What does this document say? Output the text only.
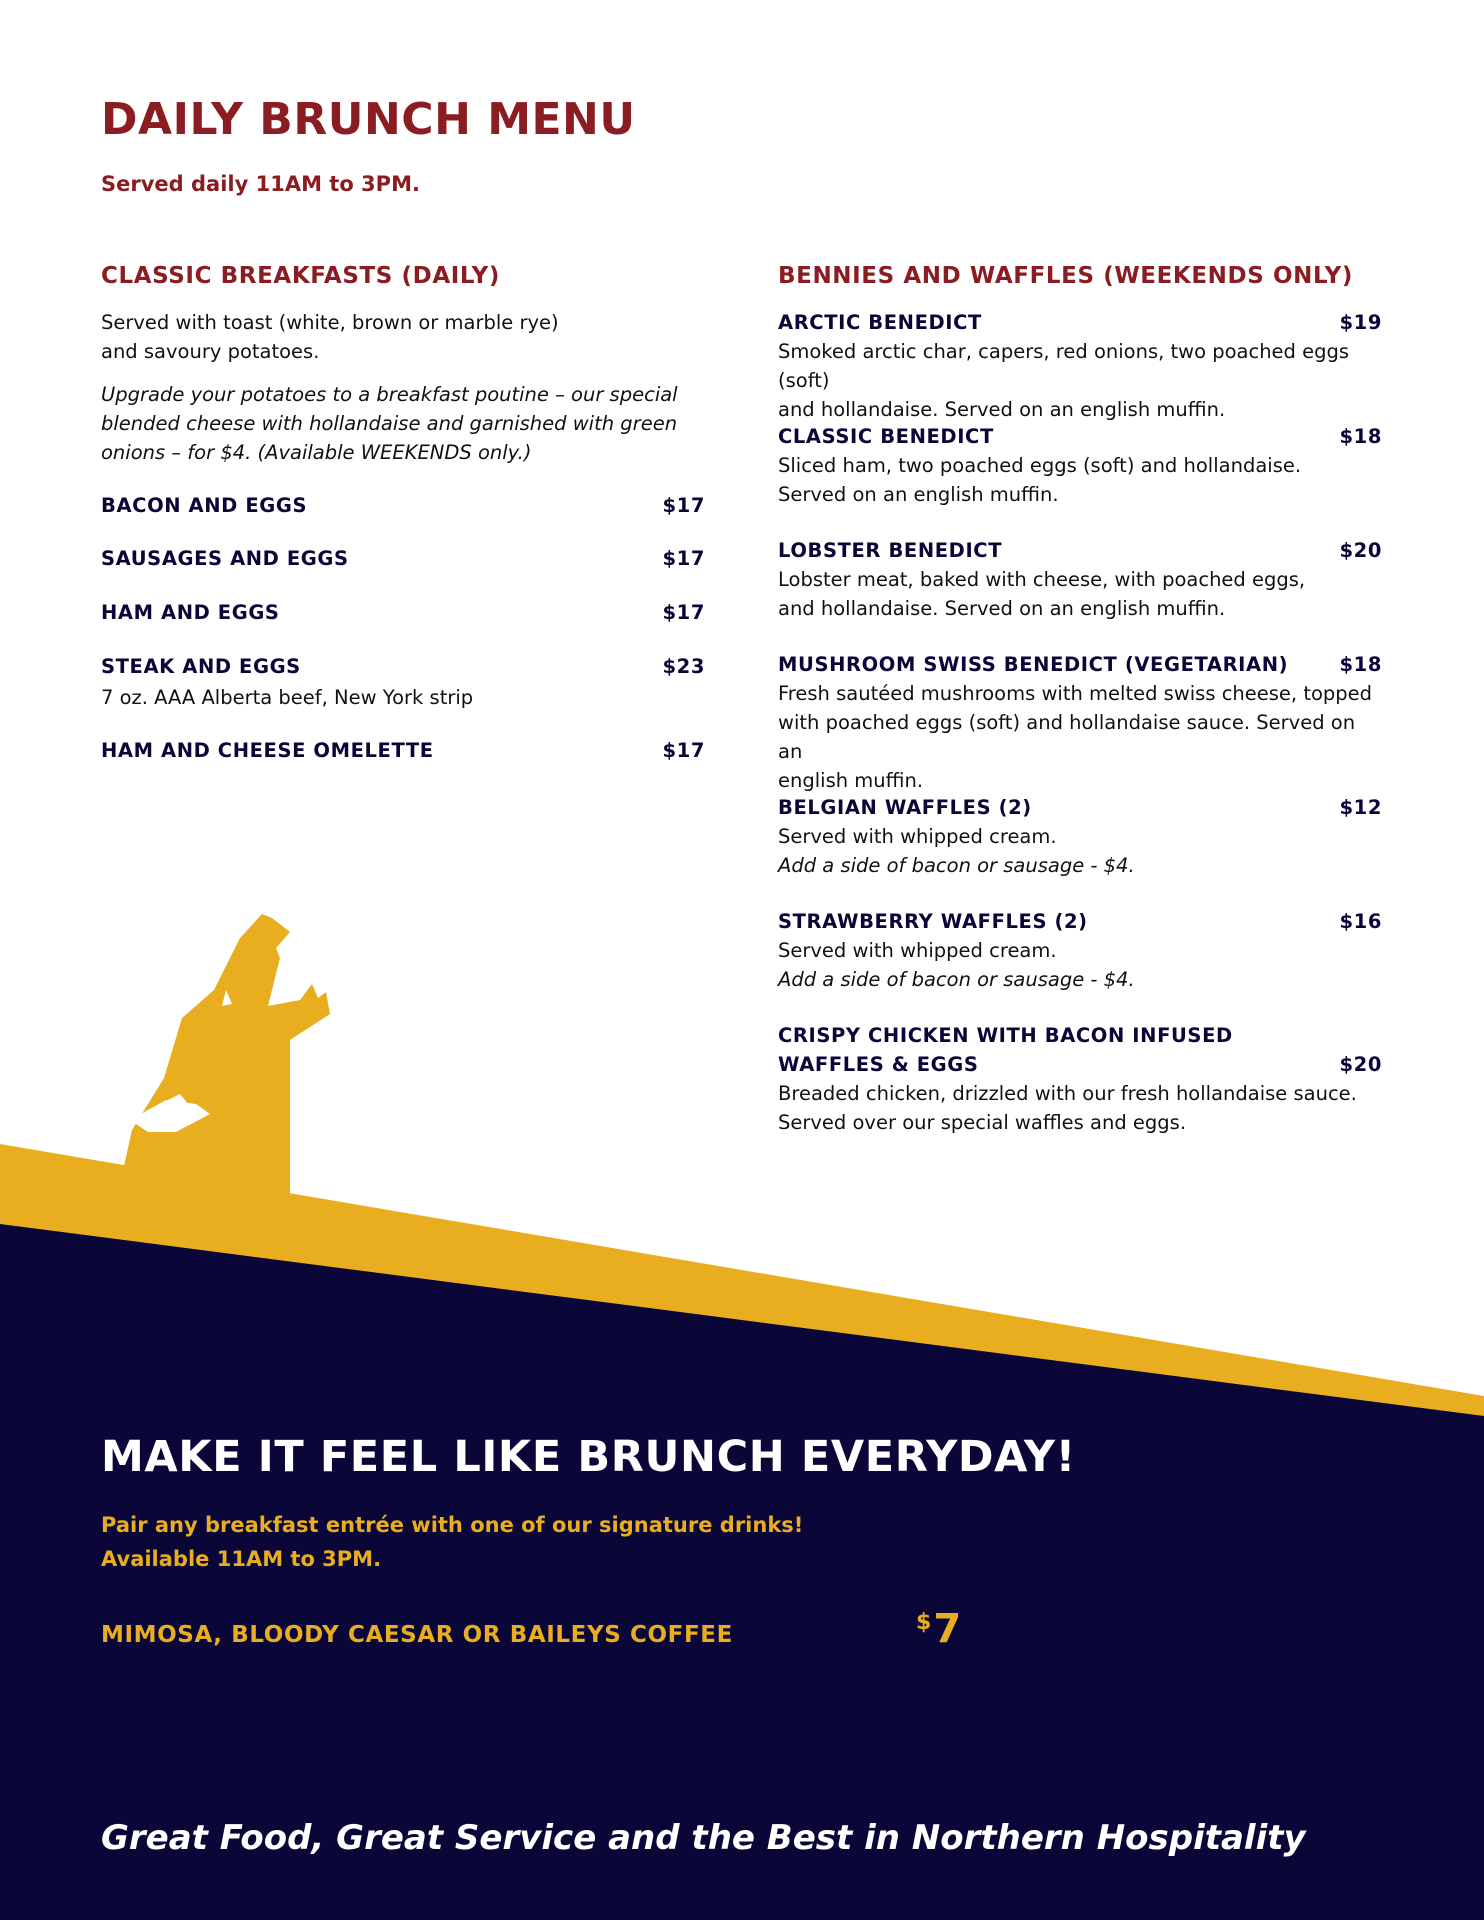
DAILY BRUNCH MENU
Served daily 11AM to 3PM.
CLASSIC BREAKFASTS (DAILY)
Served with toast (white, brown or marble rye)
and savoury potatoes.
Upgrade your potatoes to a breakfast poutine – our special
blended cheese with hollandaise and garnished with green
onions – for $4. (Available WEEKENDS only.)
BACON AND EGGS	$17
SAUSAGES AND EGGS	$17
HAM AND EGGS	$17
STEAK AND EGGS	$23
7 oz. AAA Alberta beef, New York strip
HAM AND CHEESE OMELETTE	$17
BENNIES AND WAFFLES (WEEKENDS ONLY)
ARCTIC BENEDICT	$19
Smoked arctic char, capers, red onions, two poached eggs (soft)
and hollandaise. Served on an english muffin.
CLASSIC BENEDICT	$18
Sliced ham, two poached eggs (soft) and hollandaise.
Served on an english muffin.
LOBSTER BENEDICT	$20
Lobster meat, baked with cheese, with poached eggs,
and hollandaise. Served on an english muffin.
MUSHROOM SWISS BENEDICT (VEGETARIAN)	$18
Fresh sautéed mushrooms with melted swiss cheese, topped
with poached eggs (soft) and hollandaise sauce. Served on an
english muffin.
BELGIAN WAFFLES (2)	$12
Served with whipped cream.
Add a side of bacon or sausage - $4.
STRAWBERRY WAFFLES (2)	$16
Served with whipped cream.
Add a side of bacon or sausage - $4.
CRISPY CHICKEN WITH BACON INFUSED
WAFFLES & EGGS	$20
Breaded chicken, drizzled with our fresh hollandaise sauce.
Served over our special waffles and eggs.
MAKE IT FEEL LIKE BRUNCH EVERYDAY!
Pair any breakfast entrée with one of our signature drinks!
Available 11AM to 3PM.
MIMOSA, BLOODY CAESAR OR BAILEYS COFFEE	$7
Great Food, Great Service and the Best in Northern Hospitality
